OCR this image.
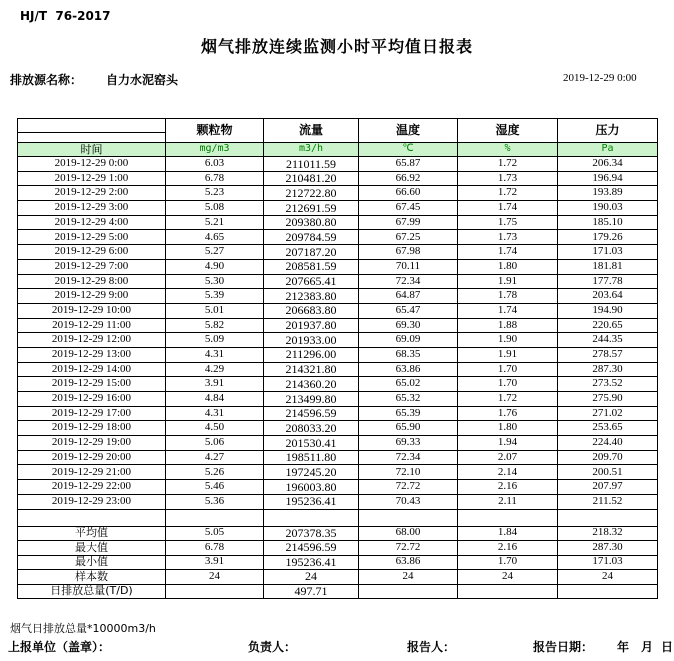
HJ/T  76-2017
烟气排放连续监测小时平均值日报表
排放源名称： 自力水泥窑头	2019-12-29 0:00
	颗粒物	流量	温度	湿度	压力
时间	mg/m3	m3/h	℃	%	Pa
2019-12-29 0:00	6.03	211011.59	65.87	1.72	206.34
2019-12-29 1:00	6.78	210481.20	66.92	1.73	196.94
2019-12-29 2:00	5.23	212722.80	66.60	1.72	193.89
2019-12-29 3:00	5.08	212691.59	67.45	1.74	190.03
2019-12-29 4:00	5.21	209380.80	67.99	1.75	185.10
2019-12-29 5:00	4.65	209784.59	67.25	1.73	179.26
2019-12-29 6:00	5.27	207187.20	67.98	1.74	171.03
2019-12-29 7:00	4.90	208581.59	70.11	1.80	181.81
2019-12-29 8:00	5.30	207665.41	72.34	1.91	177.78
2019-12-29 9:00	5.39	212383.80	64.87	1.78	203.64
2019-12-29 10:00	5.01	206683.80	65.47	1.74	194.90
2019-12-29 11:00	5.82	201937.80	69.30	1.88	220.65
2019-12-29 12:00	5.09	201933.00	69.09	1.90	244.35
2019-12-29 13:00	4.31	211296.00	68.35	1.91	278.57
2019-12-29 14:00	4.29	214321.80	63.86	1.70	287.30
2019-12-29 15:00	3.91	214360.20	65.02	1.70	273.52
2019-12-29 16:00	4.84	213499.80	65.32	1.72	275.90
2019-12-29 17:00	4.31	214596.59	65.39	1.76	271.02
2019-12-29 18:00	4.50	208033.20	65.90	1.80	253.65
2019-12-29 19:00	5.06	201530.41	69.33	1.94	224.40
2019-12-29 20:00	4.27	198511.80	72.34	2.07	209.70
2019-12-29 21:00	5.26	197245.20	72.10	2.14	200.51
2019-12-29 22:00	5.46	196003.80	72.72	2.16	207.97
2019-12-29 23:00	5.36	195236.41	70.43	2.11	211.52

平均值	5.05	207378.35	68.00	1.84	218.32
最大值	6.78	214596.59	72.72	2.16	287.30
最小值	3.91	195236.41	63.86	1.70	171.03
样本数	24	24	24	24	24
日排放总量(T/D)		497.71			
烟气日排放总量*10000m3/h
上报单位（盖章）：	负责人：	报告人：	报告日期： 年 月 日
